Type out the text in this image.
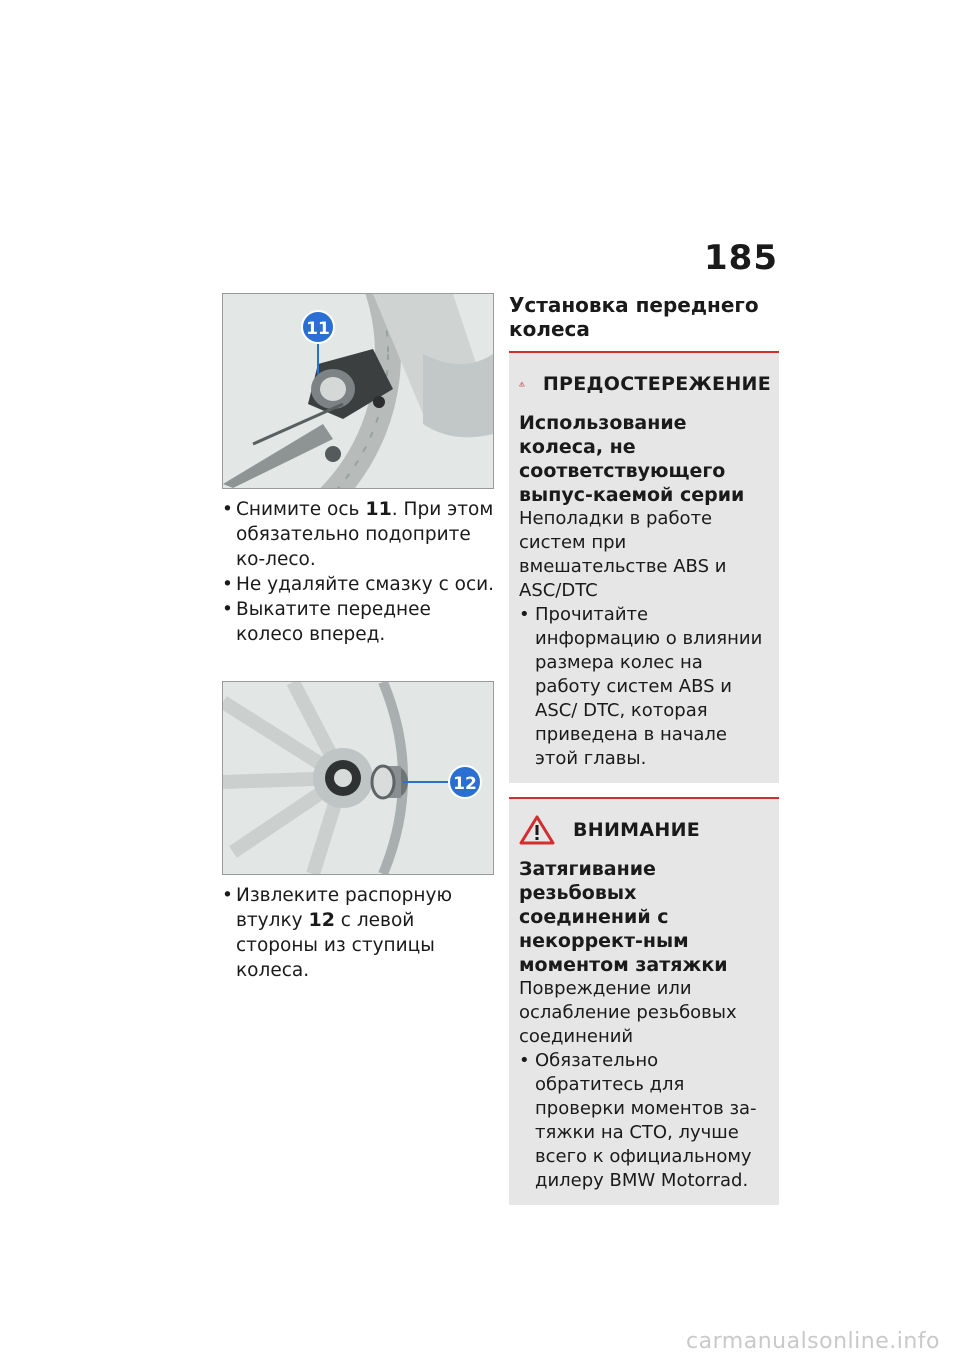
185
11
• Снимите ось 11. При этом обязательно подоприте ко-лесо.
• Не удаляйте смазку с оси.
• Выкатите переднее колесо вперед.
12
• Извлеките распорную втулку 12 с левой стороны из ступицы колеса.
Установка переднего колеса
ПРЕДОСТЕРЕЖЕНИЕ
Использование колеса, не соответствующего выпус-каемой серии
Неполадки в работе систем при вмешательстве ABS и ASC/DTC
• Прочитайте информацию о влиянии размера колес на работу систем ABS и ASC/ DTC, которая приведена в начале этой главы.
ВНИМАНИЕ
Затягивание резьбовых соединений с некоррект-ным моментом затяжки
Повреждение или ослабление резьбовых соединений
• Обязательно обратитесь для проверки моментов за-тяжки на СТО, лучше всего к официальному дилеру BMW Motorrad.
carmanualsonline.info
